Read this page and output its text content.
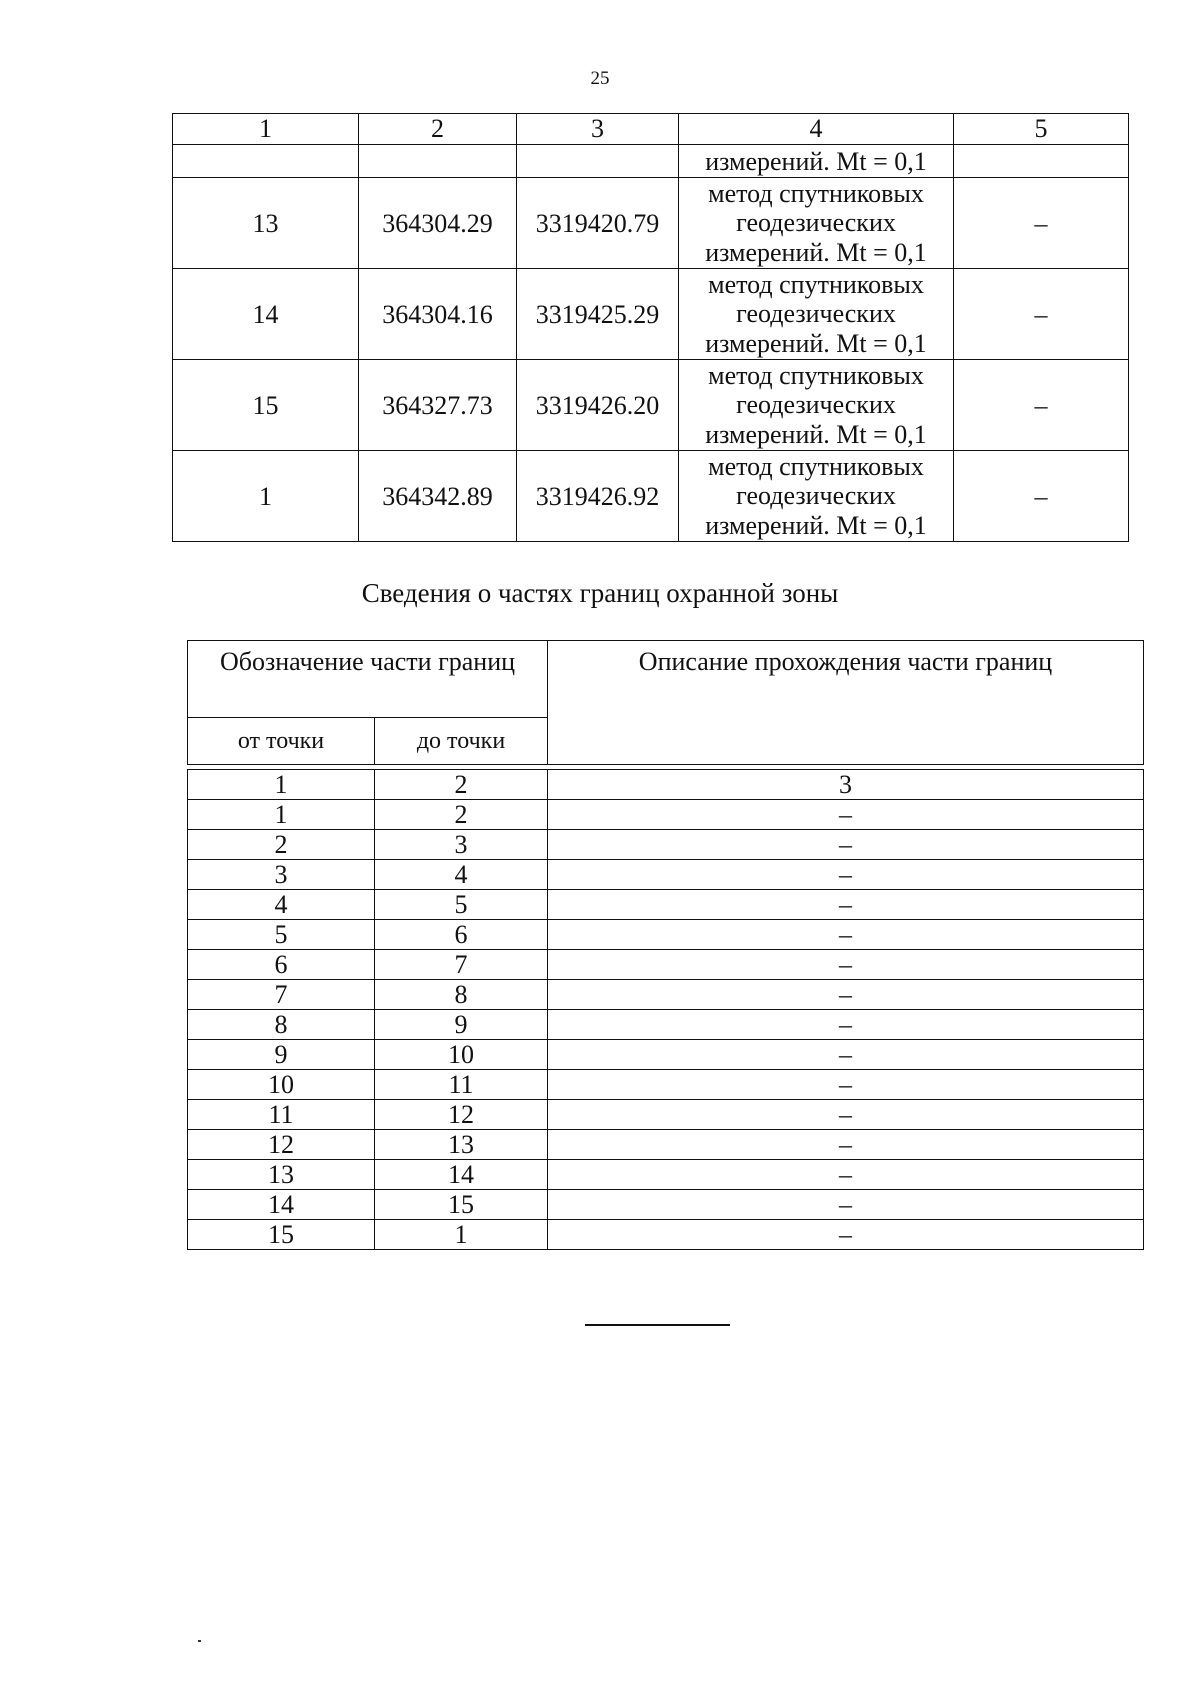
25
1	2	3	4	5
			измерений. Mt = 0,1	
13	364304.29	3319420.79	метод спутниковых
геодезических
измерений. Mt = 0,1	–
14	364304.16	3319425.29	метод спутниковых
геодезических
измерений. Mt = 0,1	–
15	364327.73	3319426.20	метод спутниковых
геодезических
измерений. Mt = 0,1	–
1	364342.89	3319426.92	метод спутниковых
геодезических
измерений. Mt = 0,1	–
Сведения о частях границ охранной зоны
Обозначение части границ		Описание прохождения части границ
от точки	до точки	

1	2	3
1	2	–
2	3	–
3	4	–
4	5	–
5	6	–
6	7	–
7	8	–
8	9	–
9	10	–
10	11	–
11	12	–
12	13	–
13	14	–
14	15	–
15	1	–
